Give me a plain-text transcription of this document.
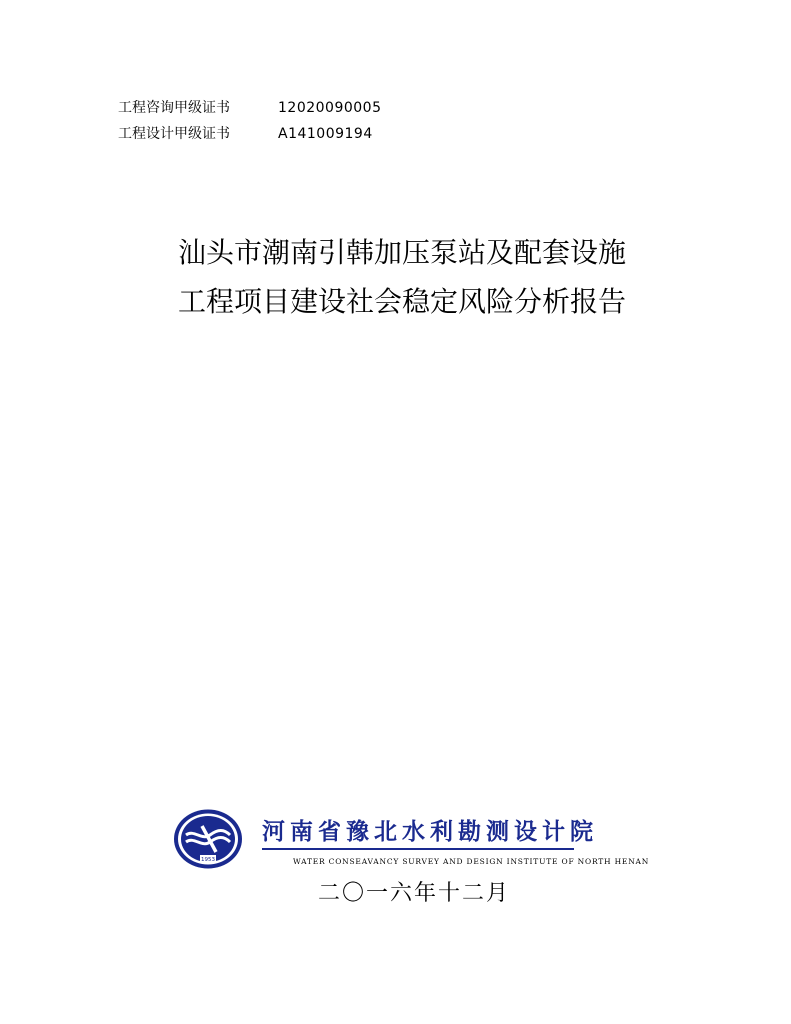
工程咨询甲级证书	12020090005
工程设计甲级证书	A141009194
汕头市潮南引韩加压泵站及配套设施
工程项目建设社会稳定风险分析报告
1953
河南省豫北水利勘测设计院
WATER CONSEAVANCY SURVEY AND DESIGN INSTITUTE OF NORTH HENAN
二〇一六年十二月
